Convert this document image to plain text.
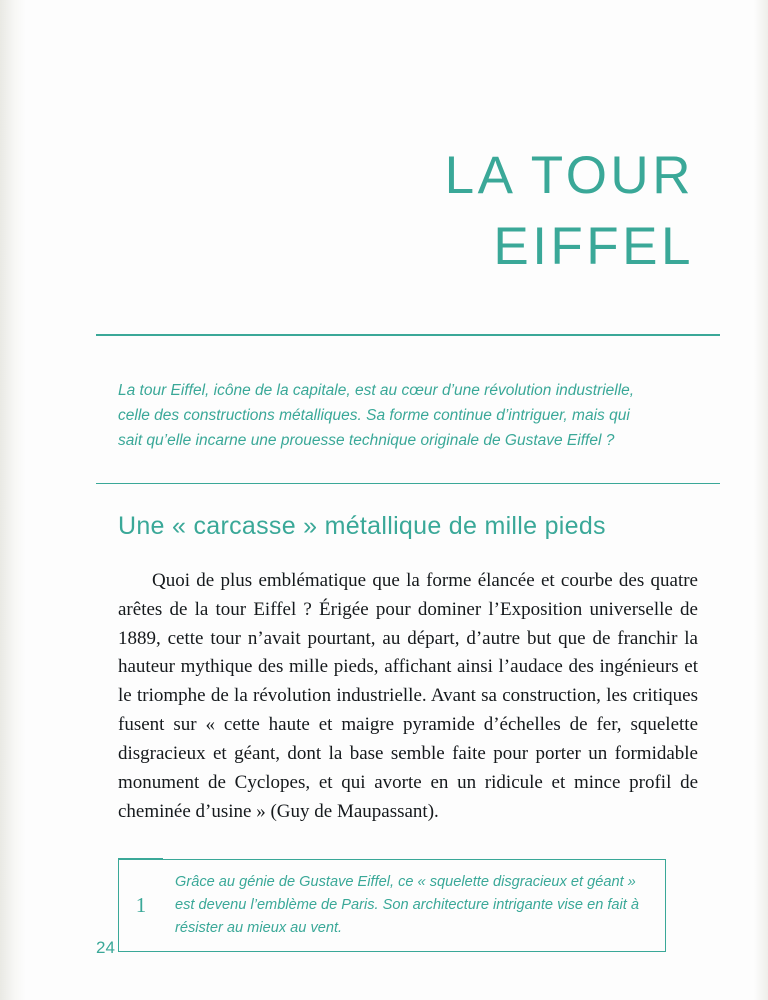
LA TOUR
EIFFEL

La tour Eiffel, icône de la capitale, est au cœur d’une révolution industrielle, celle des constructions métalliques. Sa forme continue d’intriguer, mais qui sait qu’elle incarne une prouesse technique originale de Gustave Eiffel ?

Une « carcasse » métallique de mille pieds

Quoi de plus emblématique que la forme élancée et courbe des quatre arêtes de la tour Eiffel ? Érigée pour dominer l’Exposition universelle de 1889, cette tour n’avait pourtant, au départ, d’autre but que de franchir la hauteur mythique des mille pieds, affichant ainsi l’audace des ingénieurs et le triomphe de la révolution industrielle. Avant sa construction, les critiques fusent sur « cette haute et maigre pyramide d’échelles de fer, squelette disgracieux et géant, dont la base semble faite pour porter un formidable monument de Cyclopes, et qui avorte en un ridicule et mince profil de cheminée d’usine » (Guy de Maupassant).

1
Grâce au génie de Gustave Eiffel, ce « squelette disgracieux et géant » est devenu l’emblème de Paris. Son architecture intrigante vise en fait à résister au mieux au vent.
24
